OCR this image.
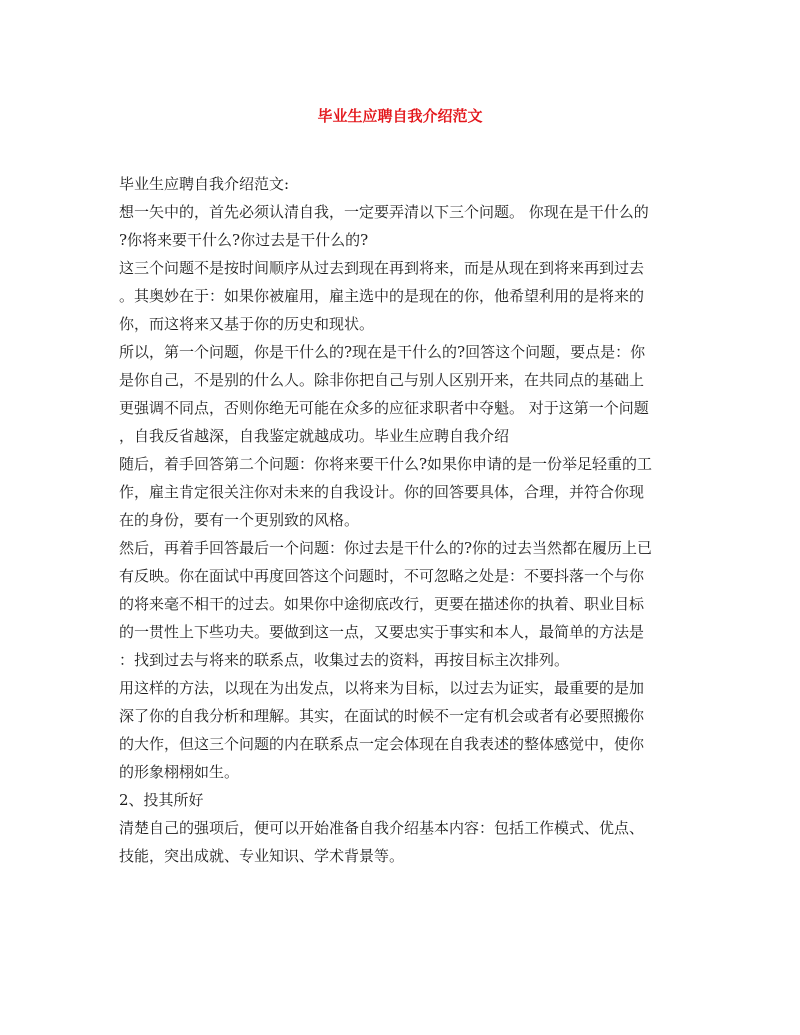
毕业生应聘自我介绍范文
毕业生应聘自我介绍范文:
想一矢中的，首先必须认清自我，一定要弄清以下三个问题。 你现在是干什么的
?你将来要干什么?你过去是干什么的?
这三个问题不是按时间顺序从过去到现在再到将来，而是从现在到将来再到过去
。其奥妙在于：如果你被雇用，雇主选中的是现在的你，他希望利用的是将来的
你，而这将来又基于你的历史和现状。
所以，第一个问题，你是干什么的?现在是干什么的?回答这个问题，要点是：你
是你自己，不是别的什么人。除非你把自己与别人区别开来，在共同点的基础上
更强调不同点，否则你绝无可能在众多的应征求职者中夺魁。 对于这第一个问题
，自我反省越深，自我鉴定就越成功。毕业生应聘自我介绍
随后，着手回答第二个问题：你将来要干什么?如果你申请的是一份举足轻重的工
作，雇主肯定很关注你对未来的自我设计。你的回答要具体，合理，并符合你现
在的身份，要有一个更别致的风格。
然后，再着手回答最后一个问题：你过去是干什么的?你的过去当然都在履历上已
有反映。你在面试中再度回答这个问题时，不可忽略之处是：不要抖落一个与你
的将来毫不相干的过去。如果你中途彻底改行，更要在描述你的执着、职业目标
的一贯性上下些功夫。要做到这一点，又要忠实于事实和本人，最简单的方法是
：找到过去与将来的联系点，收集过去的资料，再按目标主次排列。
用这样的方法，以现在为出发点，以将来为目标，以过去为证实，最重要的是加
深了你的自我分析和理解。其实，在面试的时候不一定有机会或者有必要照搬你
的大作，但这三个问题的内在联系点一定会体现在自我表述的整体感觉中，使你
的形象栩栩如生。
2、投其所好
清楚自己的强项后，便可以开始准备自我介绍基本内容：包括工作模式、优点、
技能，突出成就、专业知识、学术背景等。
